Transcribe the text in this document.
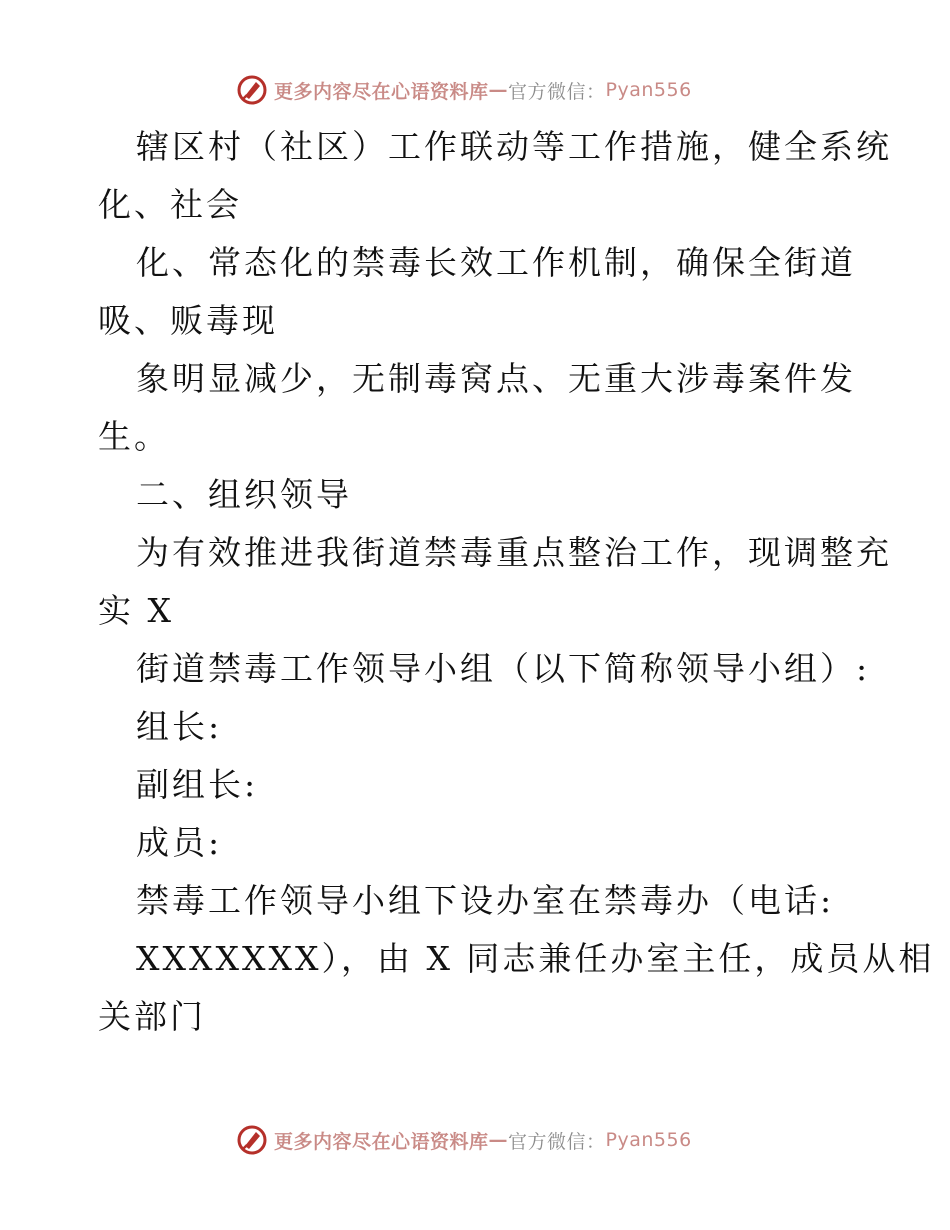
更多内容尽在心语资料库 — 官方微信： Pyan556
辖区村（社区）工作联动等工作措施，健全系统
化、社会
化、常态化的禁毒长效工作机制，确保全街道
吸、贩毒现
象明显减少，无制毒窝点、无重大涉毒案件发
生。
二、组织领导
为有效推进我街道禁毒重点整治工作，现调整充
实 X
街道禁毒工作领导小组（以下简称领导小组）:
组长:
副组长:
成员:
禁毒工作领导小组下设办室在禁毒办（电话:
XXXXXXX），由 X 同志兼任办室主任，成员从相
关部门
更多内容尽在心语资料库 — 官方微信： Pyan556
